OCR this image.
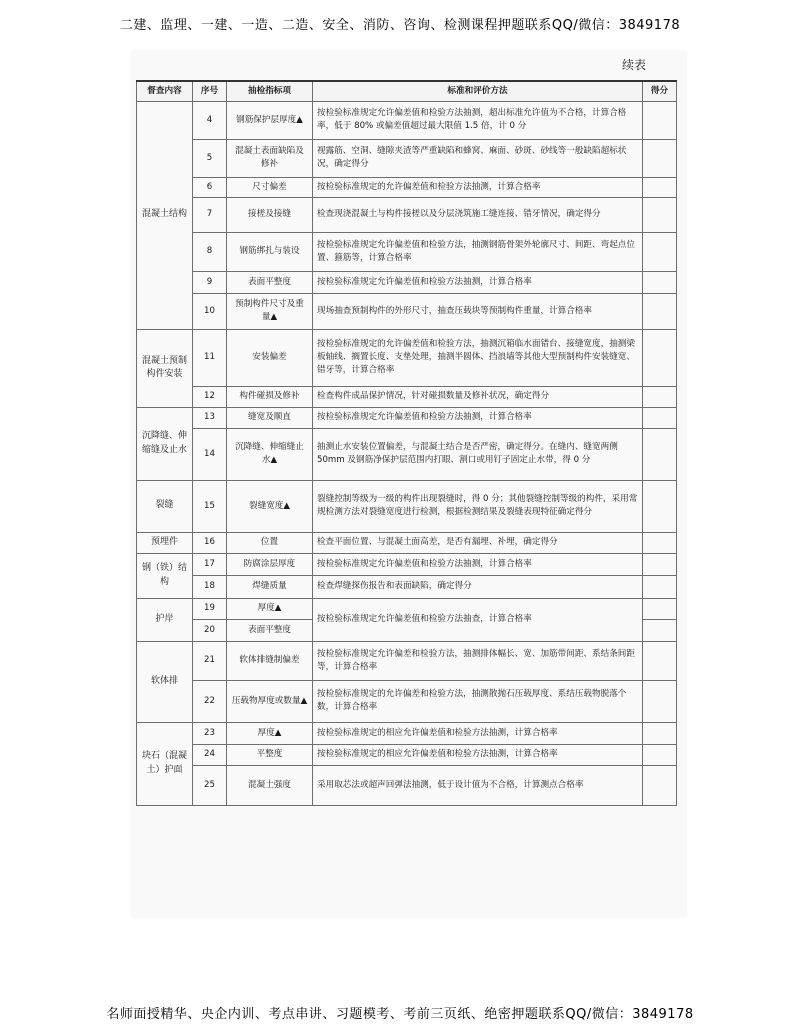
二建、监理、一建、一造、二造、安全、消防、咨询、检测课程押题联系QQ/微信：3849178
续表
督查内容	序号	抽检指标项	标准和评价方法	得分
混凝土结构	4	钢筋保护层厚度▲	按检验标准规定允许偏差值和检验方法抽测，超出标准允许值为不合格，计算合格率，低于 80% 或偏差值超过最大限值 1.5 倍，计 0 分	
	5	混凝土表面缺陷及修补	视露筋、空洞、缝隙夹渣等严重缺陷和蜂窝、麻面、砂斑、砂线等一般缺陷超标状况，确定得分	
	6	尺寸偏差	按检验标准规定的允许偏差值和检验方法抽测，计算合格率	
	7	接槎及接缝	检查现浇混凝土与构件接槎以及分层浇筑施工缝连接、错牙情况，确定得分	
	8	钢筋绑扎与装设	按检验标准规定允许偏差值和检验方法，抽测钢筋骨架外轮廓尺寸、间距、弯起点位置、箍筋等，计算合格率	
	9	表面平整度	按检验标准规定允许偏差值和检验方法抽测，计算合格率	
	10	预制构件尺寸及重量▲	现场抽查预制构件的外形尺寸，抽查压载块等预制构件重量，计算合格率	
混凝土预制构件安装	11	安装偏差	按检验标准规定的允许偏差值和检验方法，抽测沉箱临水面错台、接缝宽度，抽测梁板轴线、搁置长度、支垫处理，抽测半圆体、挡浪墙等其他大型预制构件安装缝宽、错牙等，计算合格率	
	12	构件碰损及修补	检查构件成品保护情况，针对碰损数量及修补状况，确定得分	
沉降缝、伸缩缝及止水	13	缝宽及顺直	按检验标准规定允许偏差值和检验方法抽测，计算合格率	
	14	沉降缝、伸缩缝止水▲	抽测止水安装位置偏差，与混凝土结合是否严密，确定得分。在缝内、缝宽两侧 50mm 及钢筋净保护层范围内打眼、割口或用钉子固定止水带，得 0 分	
裂缝	15	裂缝宽度▲	裂缝控制等级为一级的构件出现裂缝时，得 0 分；其他裂缝控制等级的构件，采用常规检测方法对裂缝宽度进行检测，根据检测结果及裂缝表现特征确定得分	
预埋件	16	位置	检查平面位置、与混凝土面高差，是否有漏埋、补埋，确定得分	
钢（铁）结构	17	防腐涂层厚度	按检验标准规定允许偏差值和检验方法抽测，计算合格率	
	18	焊缝质量	检查焊缝探伤报告和表面缺陷，确定得分	
护岸	19	厚度▲	按检验标准规定允许偏差值和检验方法抽查，计算合格率	
	20	表面平整度		
软体排	21	软体排缝制偏差	按检验标准规定允许偏差和检验方法，抽测排体幅长、宽、加筋带间距、系结条间距等，计算合格率	
	22	压载物厚度或数量▲	按检验标准规定的允许偏差和检验方法，抽测散抛石压载厚度、系结压载物脱落个数，计算合格率	
块石（混凝土）护面	23	厚度▲	按检验标准规定的相应允许偏差值和检验方法抽测，计算合格率	
	24	平整度	按检验标准规定的相应允许偏差值和检验方法抽测，计算合格率	
	25	混凝土强度	采用取芯法或超声回弹法抽测，低于设计值为不合格，计算测点合格率	
名师面授精华、央企内训、考点串讲、习题模考、考前三页纸、绝密押题联系QQ/微信：3849178
